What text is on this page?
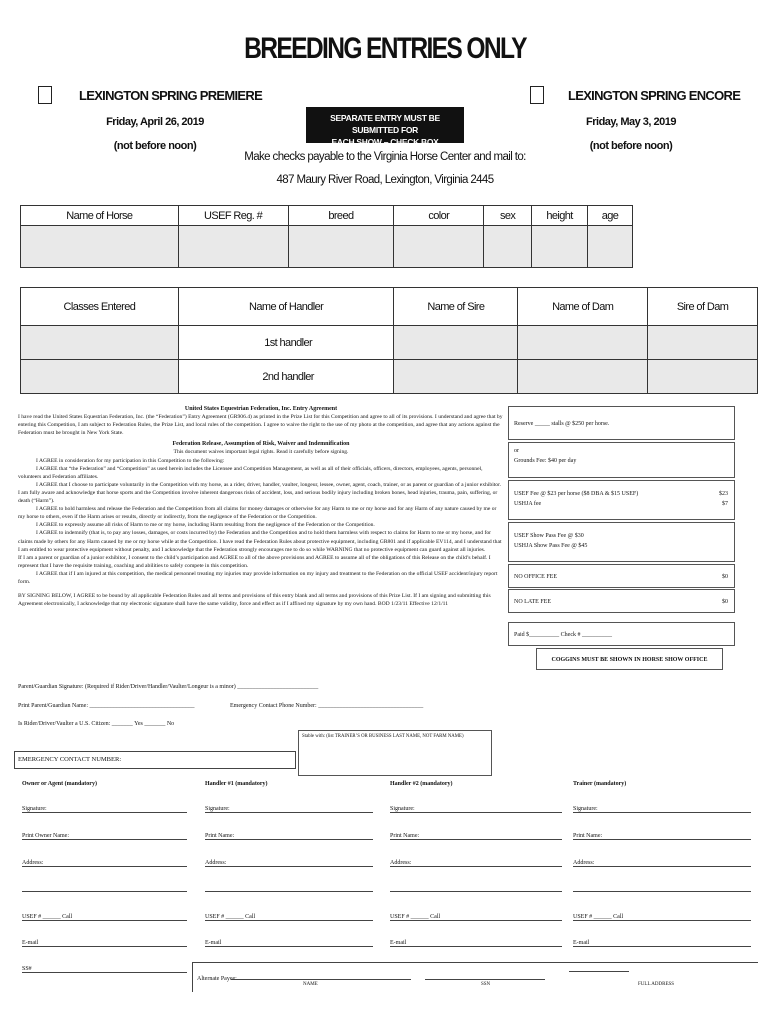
BREEDING ENTRIES ONLY
LEXINGTON SPRING PREMIERE
Friday, April 26, 2019
(not before noon)
LEXINGTON SPRING ENCORE
Friday, May 3, 2019
(not before noon)
SEPARATE ENTRY MUST BE SUBMITTED FOR
EACH SHOW – CHECK BOX
Make checks payable to the Virginia Horse Center and mail to:
487 Maury River Road, Lexington, Virginia 2445
Name of Horse	USEF Reg. #	breed	color	sex	height	age

Classes Entered	Name of Handler	Name of Sire	Name of Dam	Sire of Dam
	1st handler			
	2nd handler			

United States Equestrian Federation, Inc. Entry Agreement

I have read the United States Equestrian Federation, Inc. (the “Federation”) Entry Agreement (GR906.4) as printed in the Prize List for this Competition and agree to all of its provisions. I understand and agree that by entering this Competition, I am subject to Federation Rules, the Prize List, and local rules of the competition. I agree to waive the right to the use of my photo at the competition, and agree that any actions against the Federation must be brought in New York State.

Federation Release, Assumption of Risk, Waiver and Indemnification

This document waives important legal rights. Read it carefully before signing.

I AGREE in consideration for my participation in this Competition to the following:

I AGREE that “the Federation” and “Competition” as used herein includes the Licensee and Competition Management, as well as all of their officials, officers, directors, employees, agents, personnel, volunteers and Federation affiliates.

I AGREE that I choose to participate voluntarily in the Competition with my horse, as a rider, driver, handler, vaulter, longeur, lessee, owner, agent, coach, trainer, or as parent or guardian of a junior exhibitor. I am fully aware and acknowledge that horse sports and the Competition involve inherent dangerous risks of accident, loss, and serious bodily injury including broken bones, head injuries, trauma, pain, suffering, or death (“Harm”).

I AGREE to hold harmless and release the Federation and the Competition from all claims for money damages or otherwise for any Harm to me or my horse and for any Harm of any nature caused by me or my horse to others, even if the Harm arises or results, directly or indirectly, from the negligence of the Federation or the Competition.

I AGREE to expressly assume all risks of Harm to me or my horse, including Harm resulting from the negligence of the Federation or the Competition.

I AGREE to indemnify (that is, to pay any losses, damages, or costs incurred by) the Federation and the Competition and to hold them harmless with respect to claims for Harm to me or my horse, and for claims made by others for any Harm caused by me or my horse while at the Competition. I have read the Federation Rules about protective equipment, including GR801 and if applicable EV114, and I understand that I am entitled to wear protective equipment without penalty, and I acknowledge that the Federation strongly encourages me to do so while WARNING that no protective equipment can guard against all injuries.

If I am a parent or guardian of a junior exhibitor, I consent to the child’s participation and AGREE to all of the above provisions and AGREE to assume all of the obligations of this Release on the child’s behalf. I represent that I have the requisite training, coaching and abilities to safely compete in this competition.

I AGREE that if I am injured at this competition, the medical personnel treating my injuries may provide information on my injury and treatment to the Federation on the official USEF accident/injury report form.

BY SIGNING BELOW, I AGREE to be bound by all applicable Federation Rules and all terms and provisions of this entry blank and all terms and provisions of this Prize List. If I am signing and submitting this Agreement electronically, I acknowledge that my electronic signature shall have the same validity, force and effect as if I affixed my signature by my own hand. BOD 1/23/11 Effective 12/1/11

Reserve _____ stalls @ $250 per horse.
or
Grounds Fee: $40 per day
USEF Fee @ $23 per horse ($8 DBA & $15 USEF)	$23
USHJA fee	$7
USEF Show Pass Fee @ $30
USHJA Show Pass Fee @ $45
NO OFFICE FEE	$0
NO LATE FEE	$0
Paid $__________ Check # __________
COGGINS MUST BE SHOWN IN HORSE SHOW OFFICE
Parent/Guardian Signature: (Required if Rider/Driver/Handler/Vaulter/Longeur is a minor) ___________________________
Print Parent/Guardian Name: ___________________________________	Emergency Contact Phone Number: ___________________________________
Is Rider/Driver/Vaulter a U.S. Citizen: _______ Yes _______ No
Stable with: (list TRAINER’S OR BUSINESS LAST NAME, NOT FARM NAME)
EMERGENCY CONTACT NUMBER:
Owner or Agent (mandatory)
Signature:
Print Owner Name:
Address:
USEF # ______ Call
E-mail
SS#
Handler #1 (mandatory)
Signature:
Print Name:
Address:
USEF # ______ Call
E-mail
Handler #2 (mandatory)
Signature:
Print Name:
Address:
USEF # ______ Call
E-mail
Trainer (mandatory)
Signature:
Print Name:
Address:
USEF # ______ Call
E-mail
Alternate Payee:
NAME	SSN	FULL ADDRESS
